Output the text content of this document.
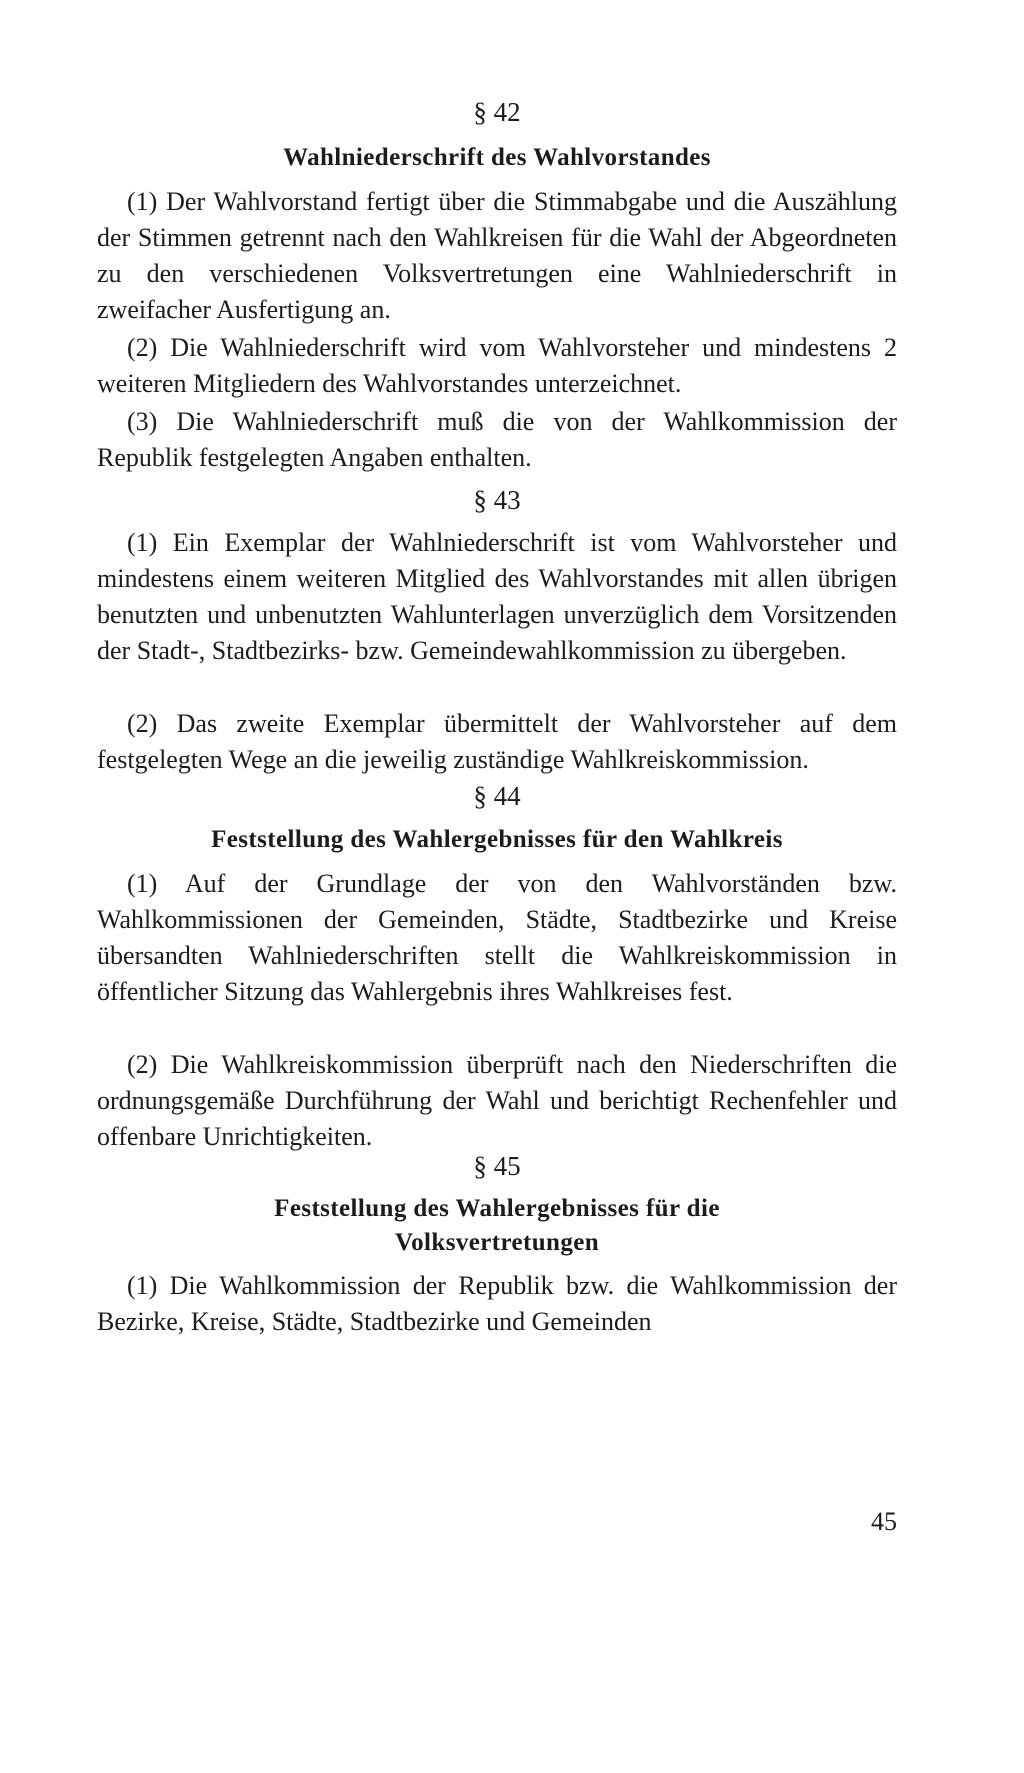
§ 42
Wahlniederschrift des Wahlvorstandes
(1) Der Wahlvorstand fertigt über die Stimmabgabe und die Auszählung der Stimmen getrennt nach den Wahlkreisen für die Wahl der Abgeordneten zu den verschiedenen Volksvertretungen eine Wahlniederschrift in zweifacher Ausfertigung an.
(2) Die Wahlniederschrift wird vom Wahlvorsteher und mindestens 2 weiteren Mitgliedern des Wahlvorstandes unterzeichnet.
(3) Die Wahlniederschrift muß die von der Wahlkommission der Republik festgelegten Angaben enthalten.
§ 43
(1) Ein Exemplar der Wahlniederschrift ist vom Wahlvorsteher und mindestens einem weiteren Mitglied des Wahlvorstandes mit allen übrigen benutzten und unbenutzten Wahlunterlagen unverzüglich dem Vorsitzenden der Stadt-, Stadtbezirks- bzw. Gemeindewahlkommission zu übergeben.
(2) Das zweite Exemplar übermittelt der Wahlvorsteher auf dem festgelegten Wege an die jeweilig zuständige Wahlkreiskommission.
§ 44
Feststellung des Wahlergebnisses für den Wahlkreis
(1) Auf der Grundlage der von den Wahlvorständen bzw. Wahlkommissionen der Gemeinden, Städte, Stadtbezirke und Kreise übersandten Wahlniederschriften stellt die Wahlkreiskommission in öffentlicher Sitzung das Wahlergebnis ihres Wahlkreises fest.
(2) Die Wahlkreiskommission überprüft nach den Niederschriften die ordnungsgemäße Durchführung der Wahl und berichtigt Rechenfehler und offenbare Unrichtigkeiten.
§ 45
Feststellung des Wahlergebnisses für die
Volksvertretungen
(1) Die Wahlkommission der Republik bzw. die Wahlkommission der Bezirke, Kreise, Städte, Stadtbezirke und Gemeinden
45
